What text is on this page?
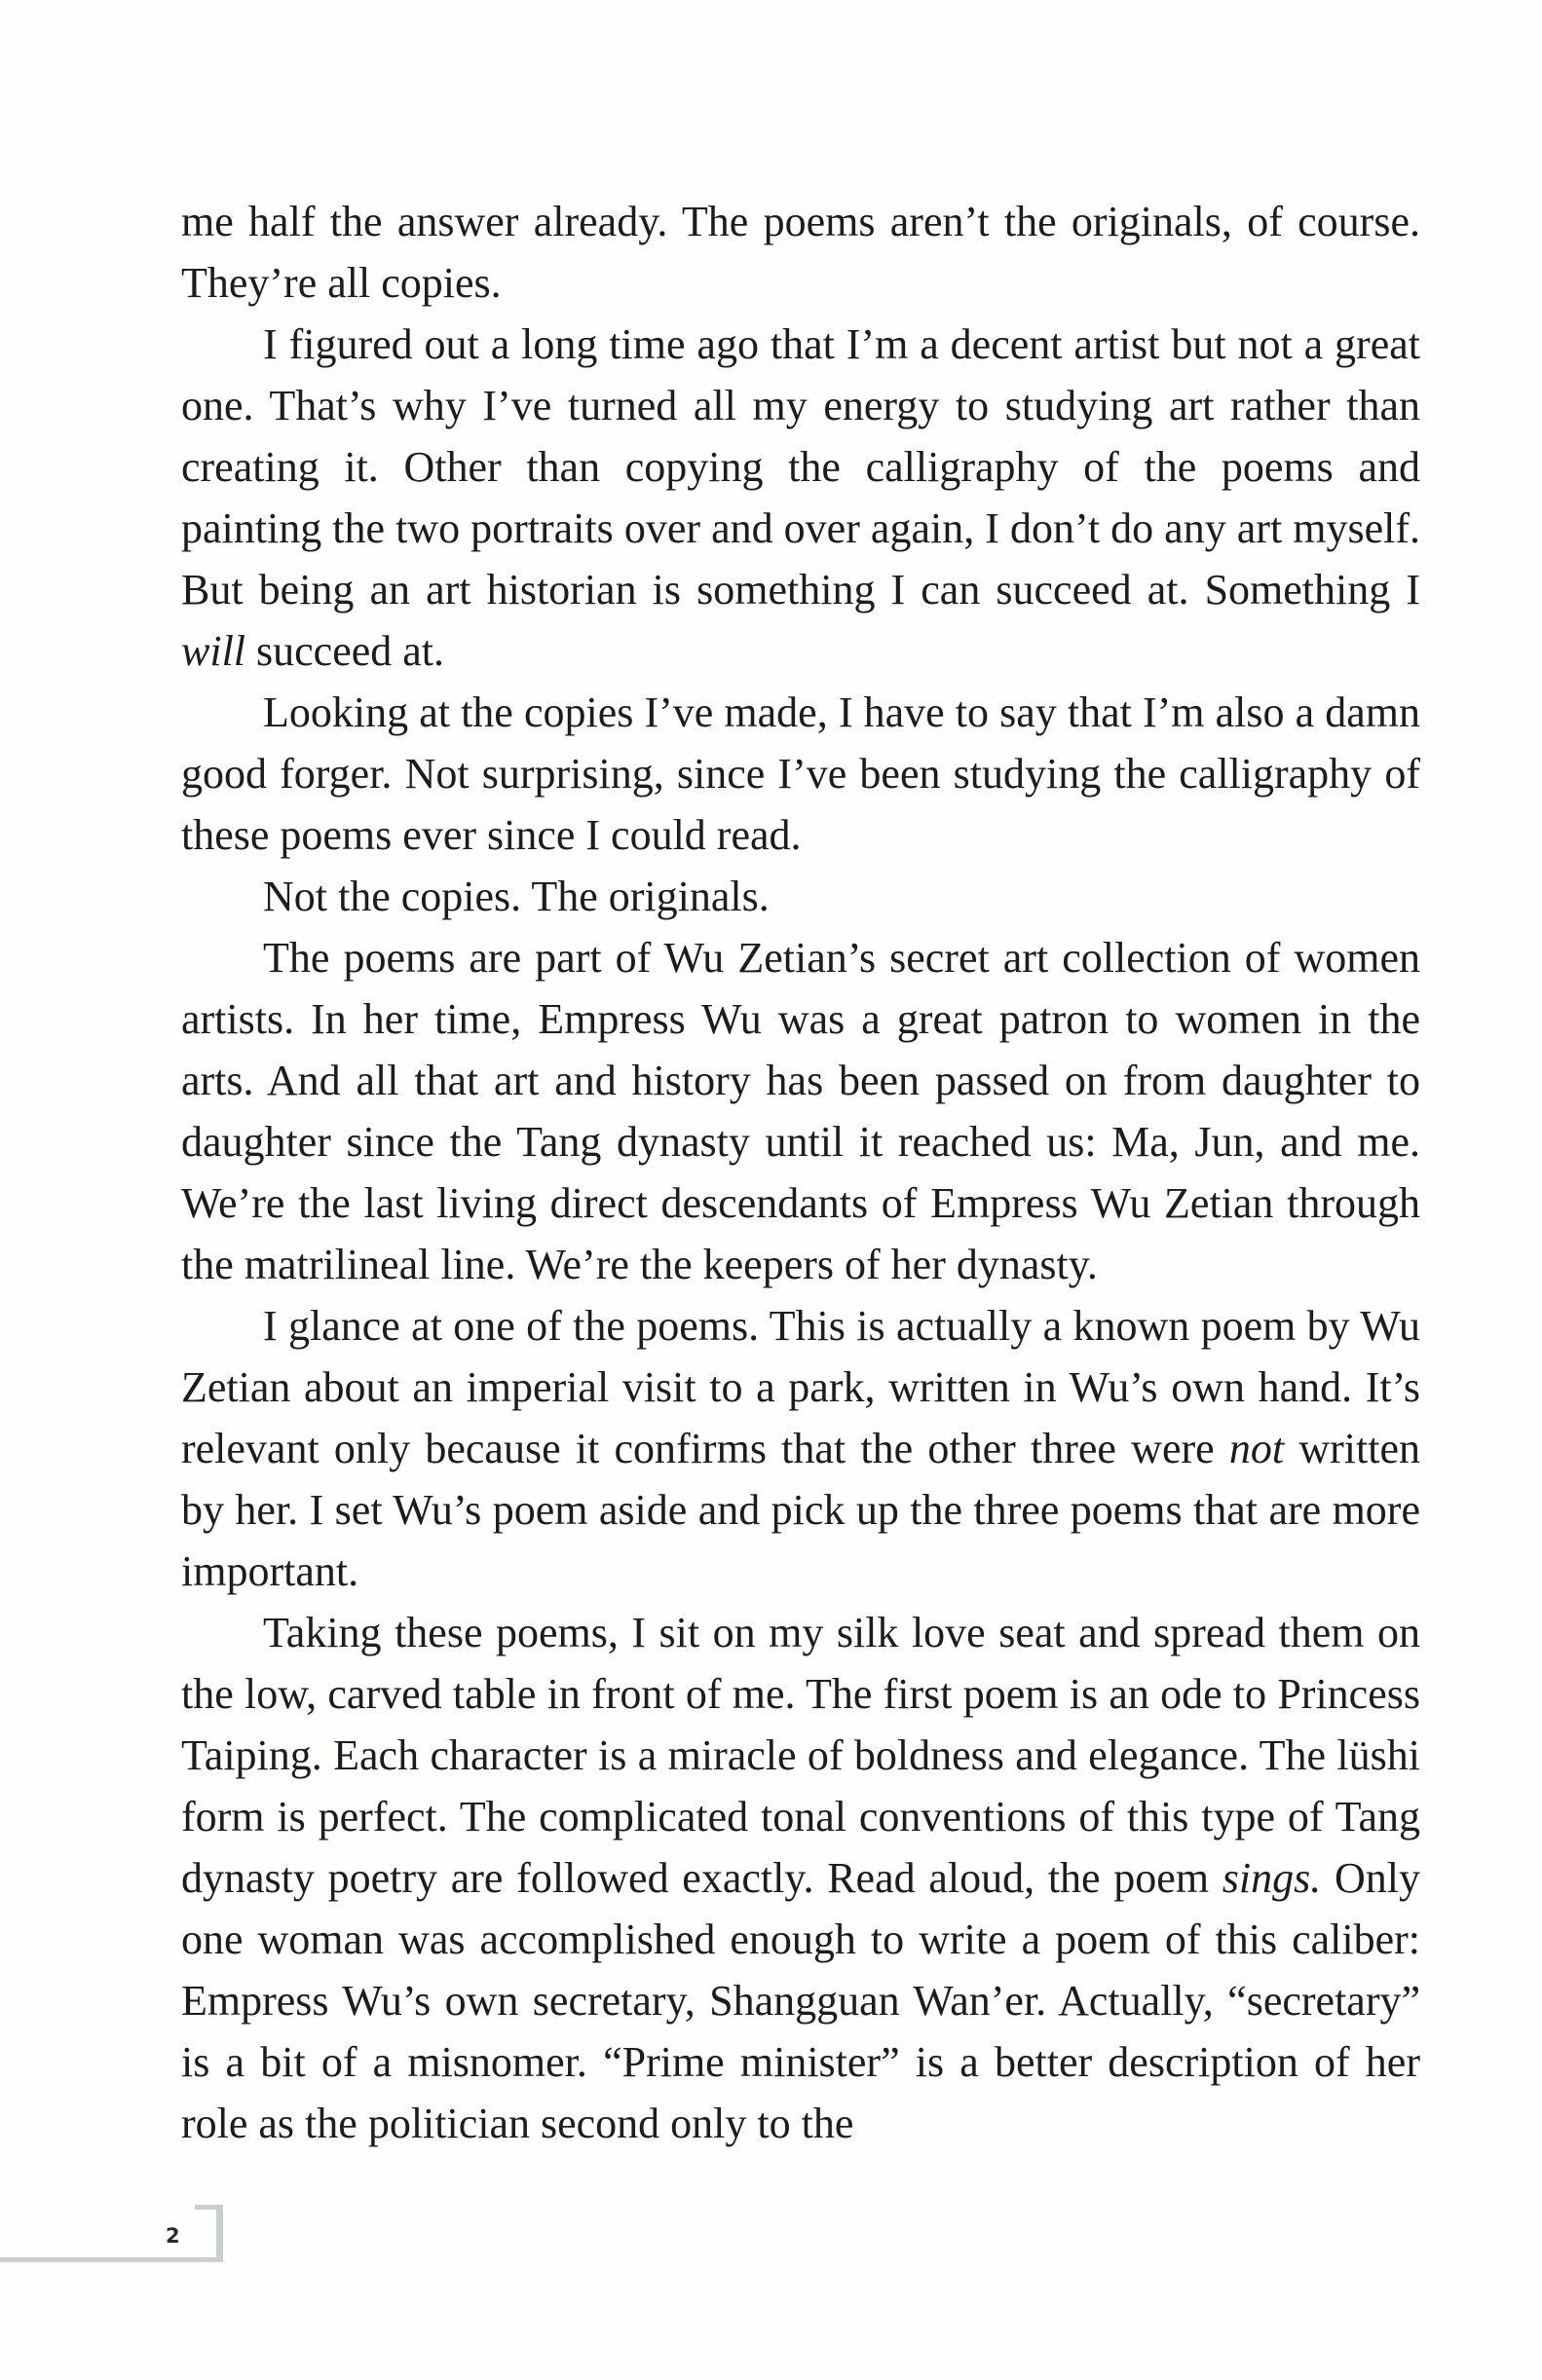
me half the answer already. The poems aren’t the originals, of course. They’re all copies.

I figured out a long time ago that I’m a decent artist but not a great one. That’s why I’ve turned all my energy to studying art rather than creating it. Other than copying the calligraphy of the poems and painting the two portraits over and over again, I don’t do any art myself. But being an art historian is something I can succeed at. Something I will succeed at.

Looking at the copies I’ve made, I have to say that I’m also a damn good forger. Not surprising, since I’ve been studying the calligraphy of these poems ever since I could read.

Not the copies. The originals.

The poems are part of Wu Zetian’s secret art collection of women artists. In her time, Empress Wu was a great patron to women in the arts. And all that art and history has been passed on from daughter to daughter since the Tang dynasty until it reached us: Ma, Jun, and me. We’re the last living direct descendants of Empress Wu Zetian through the matrilineal line. We’re the keepers of her dynasty.

I glance at one of the poems. This is actually a known poem by Wu Zetian about an imperial visit to a park, written in Wu’s own hand. It’s relevant only because it confirms that the other three were not written by her. I set Wu’s poem aside and pick up the three poems that are more important.

Taking these poems, I sit on my silk love seat and spread them on the low, carved table in front of me. The first poem is an ode to Princess Taiping. Each character is a miracle of boldness and elegance. The lüshi form is perfect. The complicated tonal conventions of this type of Tang dynasty poetry are followed exactly. Read aloud, the poem sings. Only one woman was accomplished enough to write a poem of this caliber: Empress Wu’s own secretary, Shangguan Wan’er. Actually, “secretary” is a bit of a misnomer. “Prime minister” is a better description of her role as the politician second only to the

2
